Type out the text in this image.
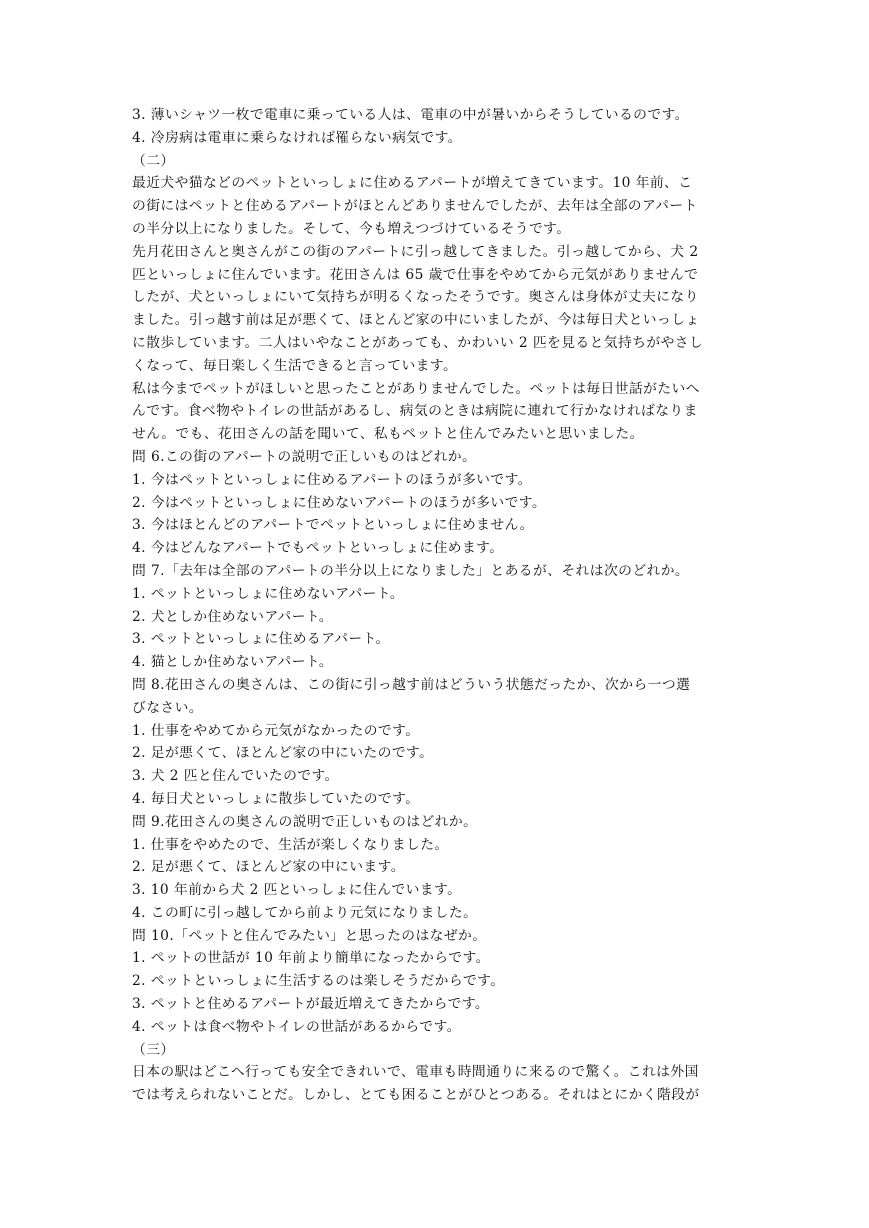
3. 薄いシャツ一枚で電車に乗っている人は、電車の中が暑いからそうしているのです。
4. 冷房病は電車に乗らなければ罹らない病気です。
（二）
最近犬や猫などのペットといっしょに住めるアパートが増えてきています。10 年前、こ
の街にはペットと住めるアパートがほとんどありませんでしたが、去年は全部のアパート
の半分以上になりました。そして、今も増えつづけているそうです。
先月花田さんと奥さんがこの街のアパートに引っ越してきました。引っ越してから、犬 2
匹といっしょに住んでいます。花田さんは 65 歳で仕事をやめてから元気がありませんで
したが、犬といっしょにいて気持ちが明るくなったそうです。奥さんは身体が丈夫になり
ました。引っ越す前は足が悪くて、ほとんど家の中にいましたが、今は毎日犬といっしょ
に散歩しています。二人はいやなことがあっても、かわいい 2 匹を見ると気持ちがやさし
くなって、毎日楽しく生活できると言っています。
私は今までペットがほしいと思ったことがありませんでした。ペットは毎日世話がたいへ
んです。食べ物やトイレの世話があるし、病気のときは病院に連れて行かなければなりま
せん。でも、花田さんの話を聞いて、私もペットと住んでみたいと思いました。
問 6.この街のアパートの説明で正しいものはどれか。
1. 今はペットといっしょに住めるアパートのほうが多いです。
2. 今はペットといっしょに住めないアパートのほうが多いです。
3. 今はほとんどのアパートでペットといっしょに住めません。
4. 今はどんなアパートでもペットといっしょに住めます。
問 7.「去年は全部のアパートの半分以上になりました」とあるが、それは次のどれか。
1. ペットといっしょに住めないアパート。
2. 犬としか住めないアパート。
3. ペットといっしょに住めるアパート。
4. 猫としか住めないアパート。
問 8.花田さんの奥さんは、この街に引っ越す前はどういう状態だったか、次から一つ選
びなさい。
1. 仕事をやめてから元気がなかったのです。
2. 足が悪くて、ほとんど家の中にいたのです。
3. 犬 2 匹と住んでいたのです。
4. 毎日犬といっしょに散歩していたのです。
問 9.花田さんの奥さんの説明で正しいものはどれか。
1. 仕事をやめたので、生活が楽しくなりました。
2. 足が悪くて、ほとんど家の中にいます。
3. 10 年前から犬 2 匹といっしょに住んでいます。
4. この町に引っ越してから前より元気になりました。
問 10.「ペットと住んでみたい」と思ったのはなぜか。
1. ペットの世話が 10 年前より簡単になったからです。
2. ペットといっしょに生活するのは楽しそうだからです。
3. ペットと住めるアパートが最近増えてきたからです。
4. ペットは食べ物やトイレの世話があるからです。
（三）
日本の駅はどこへ行っても安全できれいで、電車も時間通りに来るので驚く。これは外国
では考えられないことだ。しかし、とても困ることがひとつある。それはとにかく階段が
